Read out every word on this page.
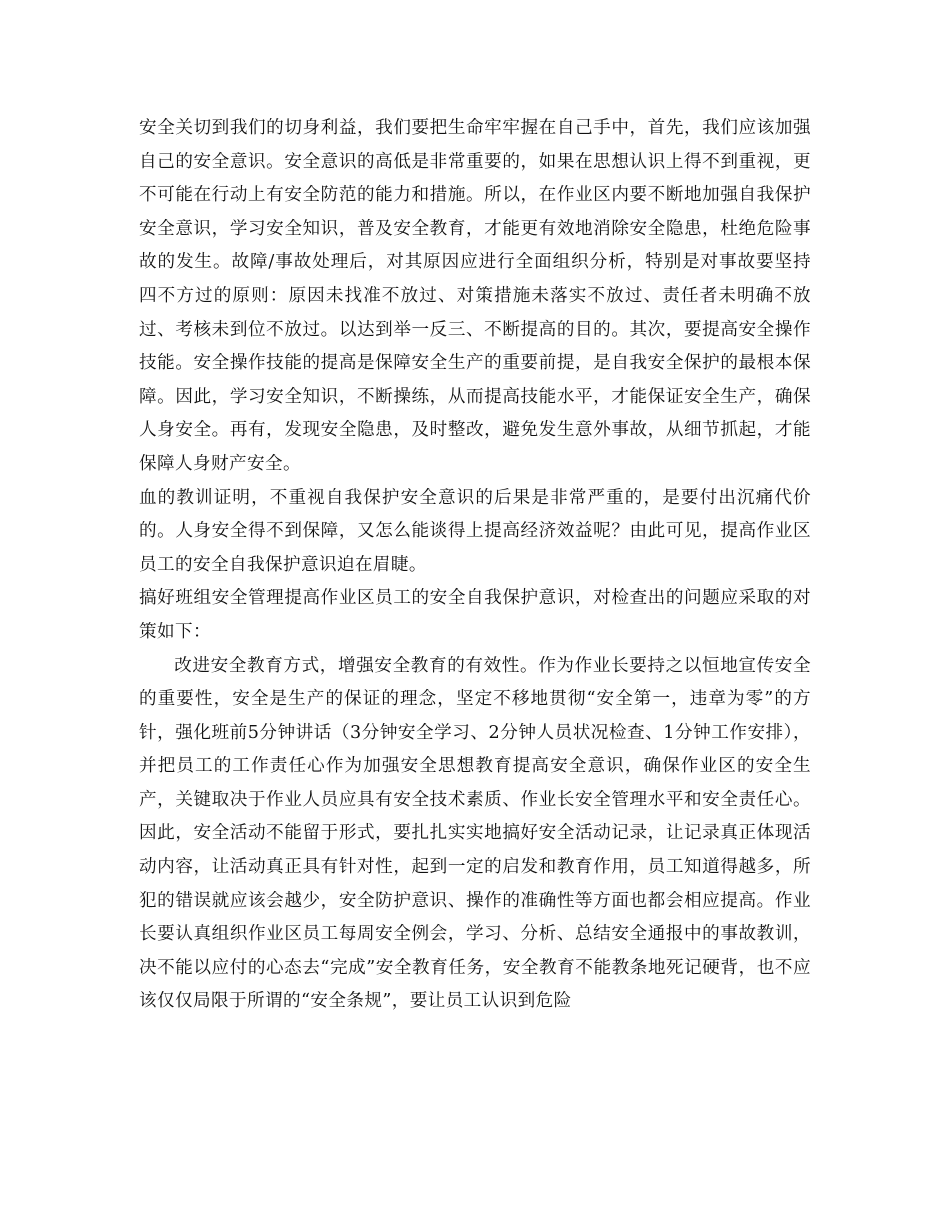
安全关切到我们的切身利益，我们要把生命牢牢握在自己手中，首先，我们应该加强自己的安全意识。安全意识的高低是非常重要的，如果在思想认识上得不到重视，更不可能在行动上有安全防范的能力和措施。所以，在作业区内要不断地加强自我保护安全意识，学习安全知识，普及安全教育，才能更有效地消除安全隐患，杜绝危险事故的发生。故障/事故处理后，对其原因应进行全面组织分析，特别是对事故要坚持四不方过的原则：原因未找准不放过、对策措施未落实不放过、责任者未明确不放过、考核未到位不放过。以达到举一反三、不断提高的目的。其次，要提高安全操作技能。安全操作技能的提高是保障安全生产的重要前提，是自我安全保护的最根本保障。因此，学习安全知识，不断操练，从而提高技能水平，才能保证安全生产，确保人身安全。再有，发现安全隐患，及时整改，避免发生意外事故，从细节抓起，才能保障人身财产安全。

血的教训证明，不重视自我保护安全意识的后果是非常严重的，是要付出沉痛代价的。人身安全得不到保障，又怎么能谈得上提高经济效益呢？由此可见，提高作业区员工的安全自我保护意识迫在眉睫。

搞好班组安全管理提高作业区员工的安全自我保护意识，对检查出的问题应采取的对策如下：

改进安全教育方式，增强安全教育的有效性。作为作业长要持之以恒地宣传安全的重要性，安全是生产的保证的理念，坚定不移地贯彻“安全第一，违章为零”的方针，强化班前5分钟讲话（3分钟安全学习、2分钟人员状况检查、1分钟工作安排），并把员工的工作责任心作为加强安全思想教育提高安全意识，确保作业区的安全生产，关键取决于作业人员应具有安全技术素质、作业长安全管理水平和安全责任心。因此，安全活动不能留于形式，要扎扎实实地搞好安全活动记录，让记录真正体现活动内容，让活动真正具有针对性，起到一定的启发和教育作用，员工知道得越多，所犯的错误就应该会越少，安全防护意识、操作的准确性等方面也都会相应提高。作业长要认真组织作业区员工每周安全例会，学习、分析、总结安全通报中的事故教训，决不能以应付的心态去“完成”安全教育任务，安全教育不能教条地死记硬背，也不应该仅仅局限于所谓的“安全条规”，要让员工认识到危险
